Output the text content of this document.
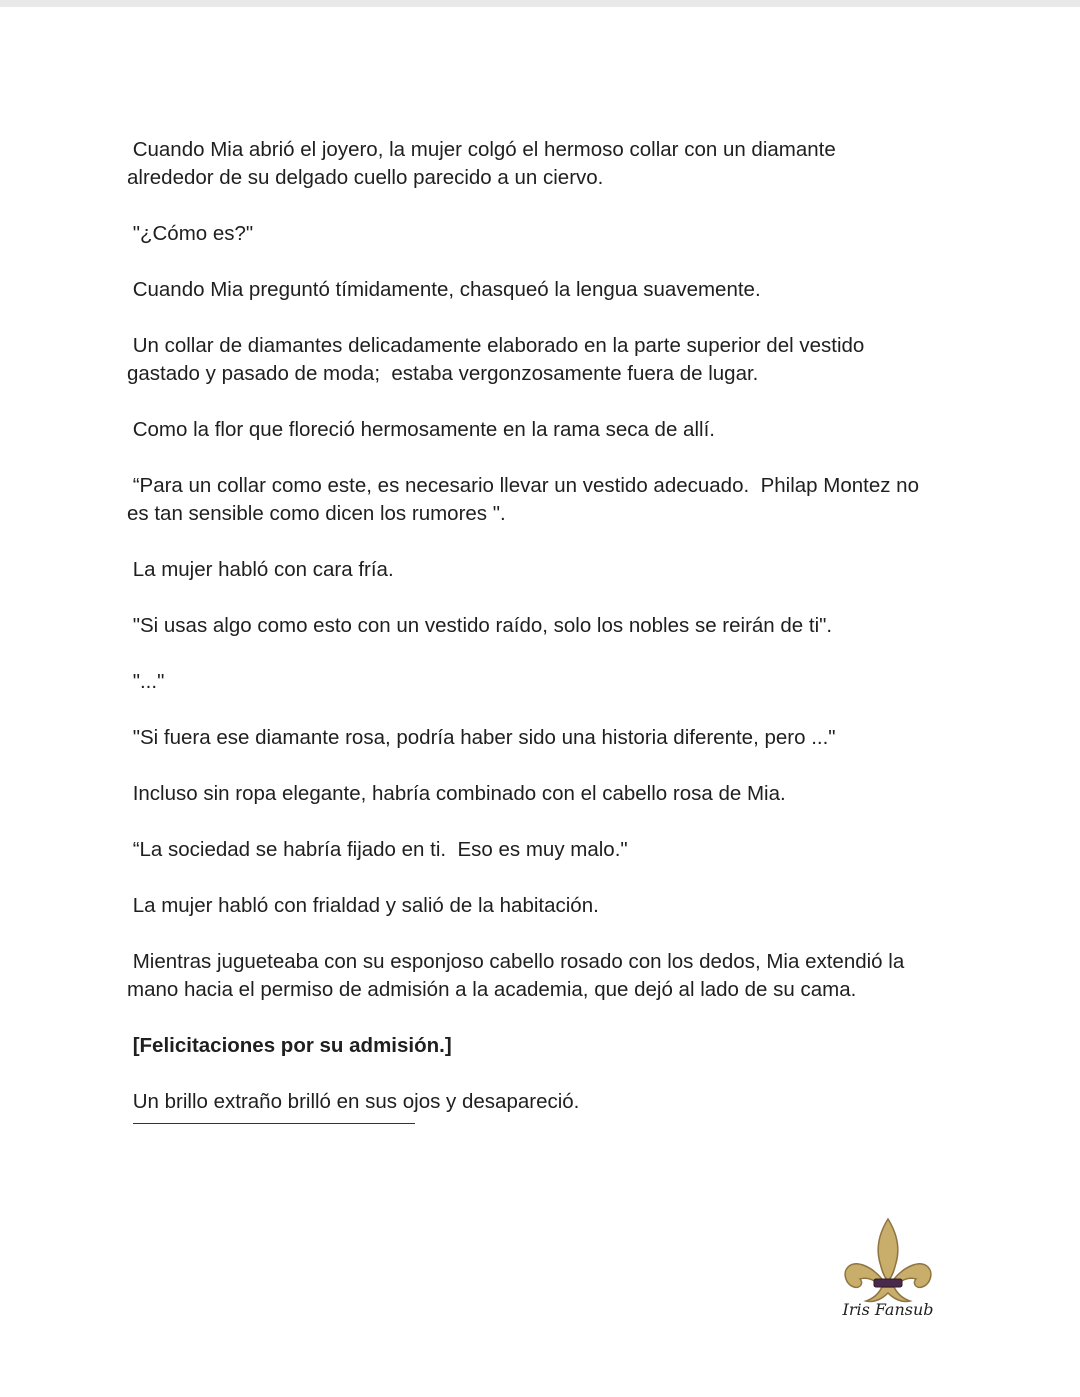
Cuando Mia abrió el joyero, la mujer colgó el hermoso collar con un diamante
alrededor de su delgado cuello parecido a un ciervo.

"¿Cómo es?"

Cuando Mia preguntó tímidamente, chasqueó la lengua suavemente.

Un collar de diamantes delicadamente elaborado en la parte superior del vestido
gastado y pasado de moda;  estaba vergonzosamente fuera de lugar.

Como la flor que floreció hermosamente en la rama seca de allí.

“Para un collar como este, es necesario llevar un vestido adecuado.  Philap Montez no
es tan sensible como dicen los rumores ".

La mujer habló con cara fría.

"Si usas algo como esto con un vestido raído, solo los nobles se reirán de ti".

"..."

"Si fuera ese diamante rosa, podría haber sido una historia diferente, pero ..."

Incluso sin ropa elegante, habría combinado con el cabello rosa de Mia.

“La sociedad se habría fijado en ti.  Eso es muy malo."

La mujer habló con frialdad y salió de la habitación.

Mientras jugueteaba con su esponjoso cabello rosado con los dedos, Mia extendió la
mano hacia el permiso de admisión a la academia, que dejó al lado de su cama.

[Felicitaciones por su admisión.]

Un brillo extraño brilló en sus ojos y desapareció.

Iris Fansub
